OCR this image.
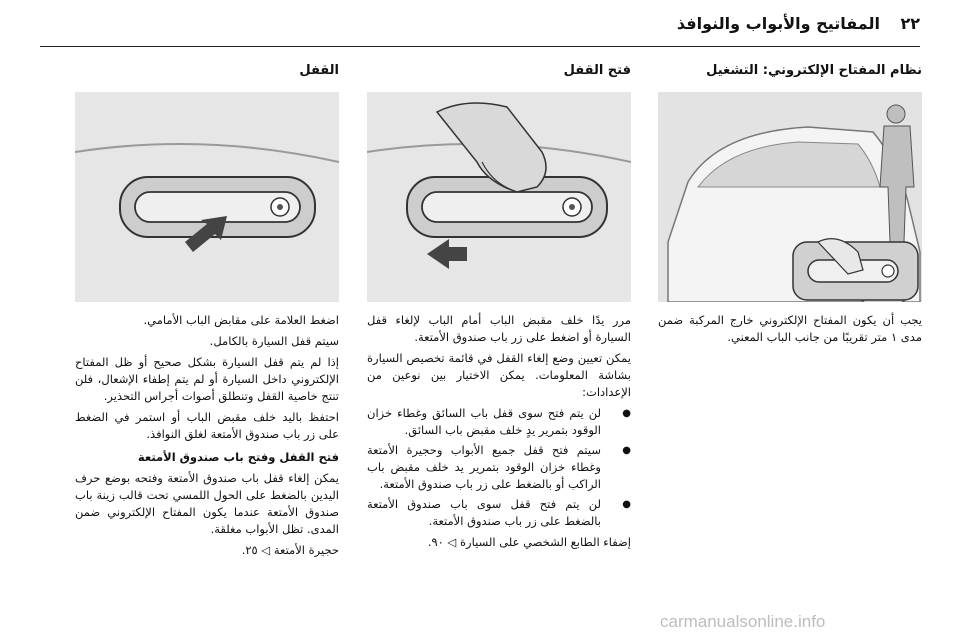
٢٢
المفاتيح والأبواب والنوافذ
نظام المفتاح الإلكتروني: التشغيل

يجب أن يكون المفتاح الإلكتروني خارج المركبة ضمن مدى ١ متر تقريبًا من جانب الباب المعني.

فتح القفل

مرر يدًا خلف مقبض الباب أمام الباب لإلغاء قفل السيارة أو اضغط على زر باب صندوق الأمتعة.

يمكن تعيين وضع إلغاء القفل في قائمة تخصيص السيارة بشاشة المعلومات. يمكن الاختيار بين نوعين من الإعدادات:

● لن يتم فتح سوى قفل باب السائق وغطاء خزان الوقود بتمرير يدٍ خلف مقبض باب السائق.
● سيتم فتح قفل جميع الأبواب وحجيرة الأمتعة وغطاء خزان الوقود بتمرير يد خلف مقبض باب الراكب أو بالضغط على زر باب صندوق الأمتعة.
● لن يتم فتح قفل سوى باب صندوق الأمتعة بالضغط على زر باب صندوق الأمتعة.

إضفاء الطابع الشخصي على السيارة ◁ ٩٠.

القفل

اضغط العلامة على مقابض الباب الأمامي.

سيتم قفل السيارة بالكامل.

إذا لم يتم قفل السيارة بشكل صحيح أو ظل المفتاح الإلكتروني داخل السيارة أو لم يتم إطفاء الإشعال، فلن تنتج خاصية القفل وتنطلق أصوات أجراس التحذير.

احتفظ باليد خلف مقبض الباب أو استمر في الضغط على زر باب صندوق الأمتعة لغلق النوافذ.

فتح القفل وفتح باب صندوق الأمتعة

يمكن إلغاء قفل باب صندوق الأمتعة وفتحه بوضع حرف اليدين بالضغط على الحول اللمسي تحت قالب زينة باب صندوق الأمتعة عندما يكون المفتاح الإلكتروني ضمن المدى. تظل الأبواب مغلقة.

حجيرة الأمتعة ◁ ٢٥.

carmanualsonline.info
